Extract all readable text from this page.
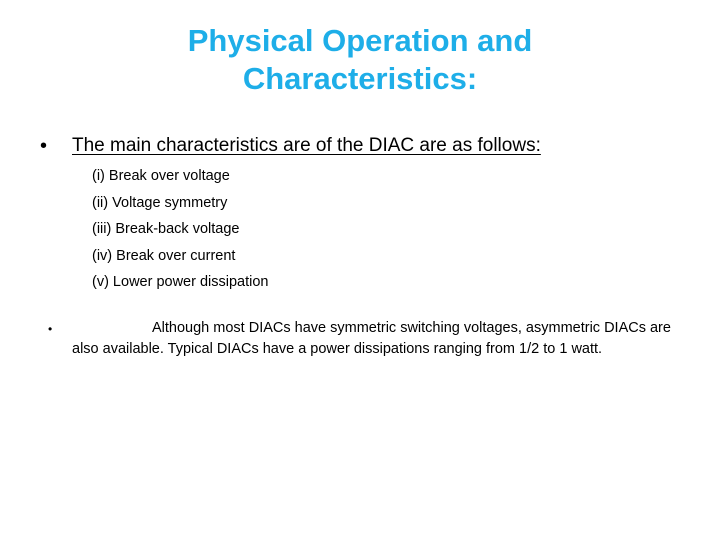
Physical Operation and
Characteristics:
•	The main characteristics are of the DIAC are as follows:
(i) Break over voltage
(ii) Voltage symmetry
(iii) Break-back voltage
(iv) Break over current
(v) Lower power dissipation
•	Although most DIACs have symmetric switching voltages, asymmetric DIACs are also available. Typical DIACs have a power dissipations ranging from 1/2 to 1 watt.
